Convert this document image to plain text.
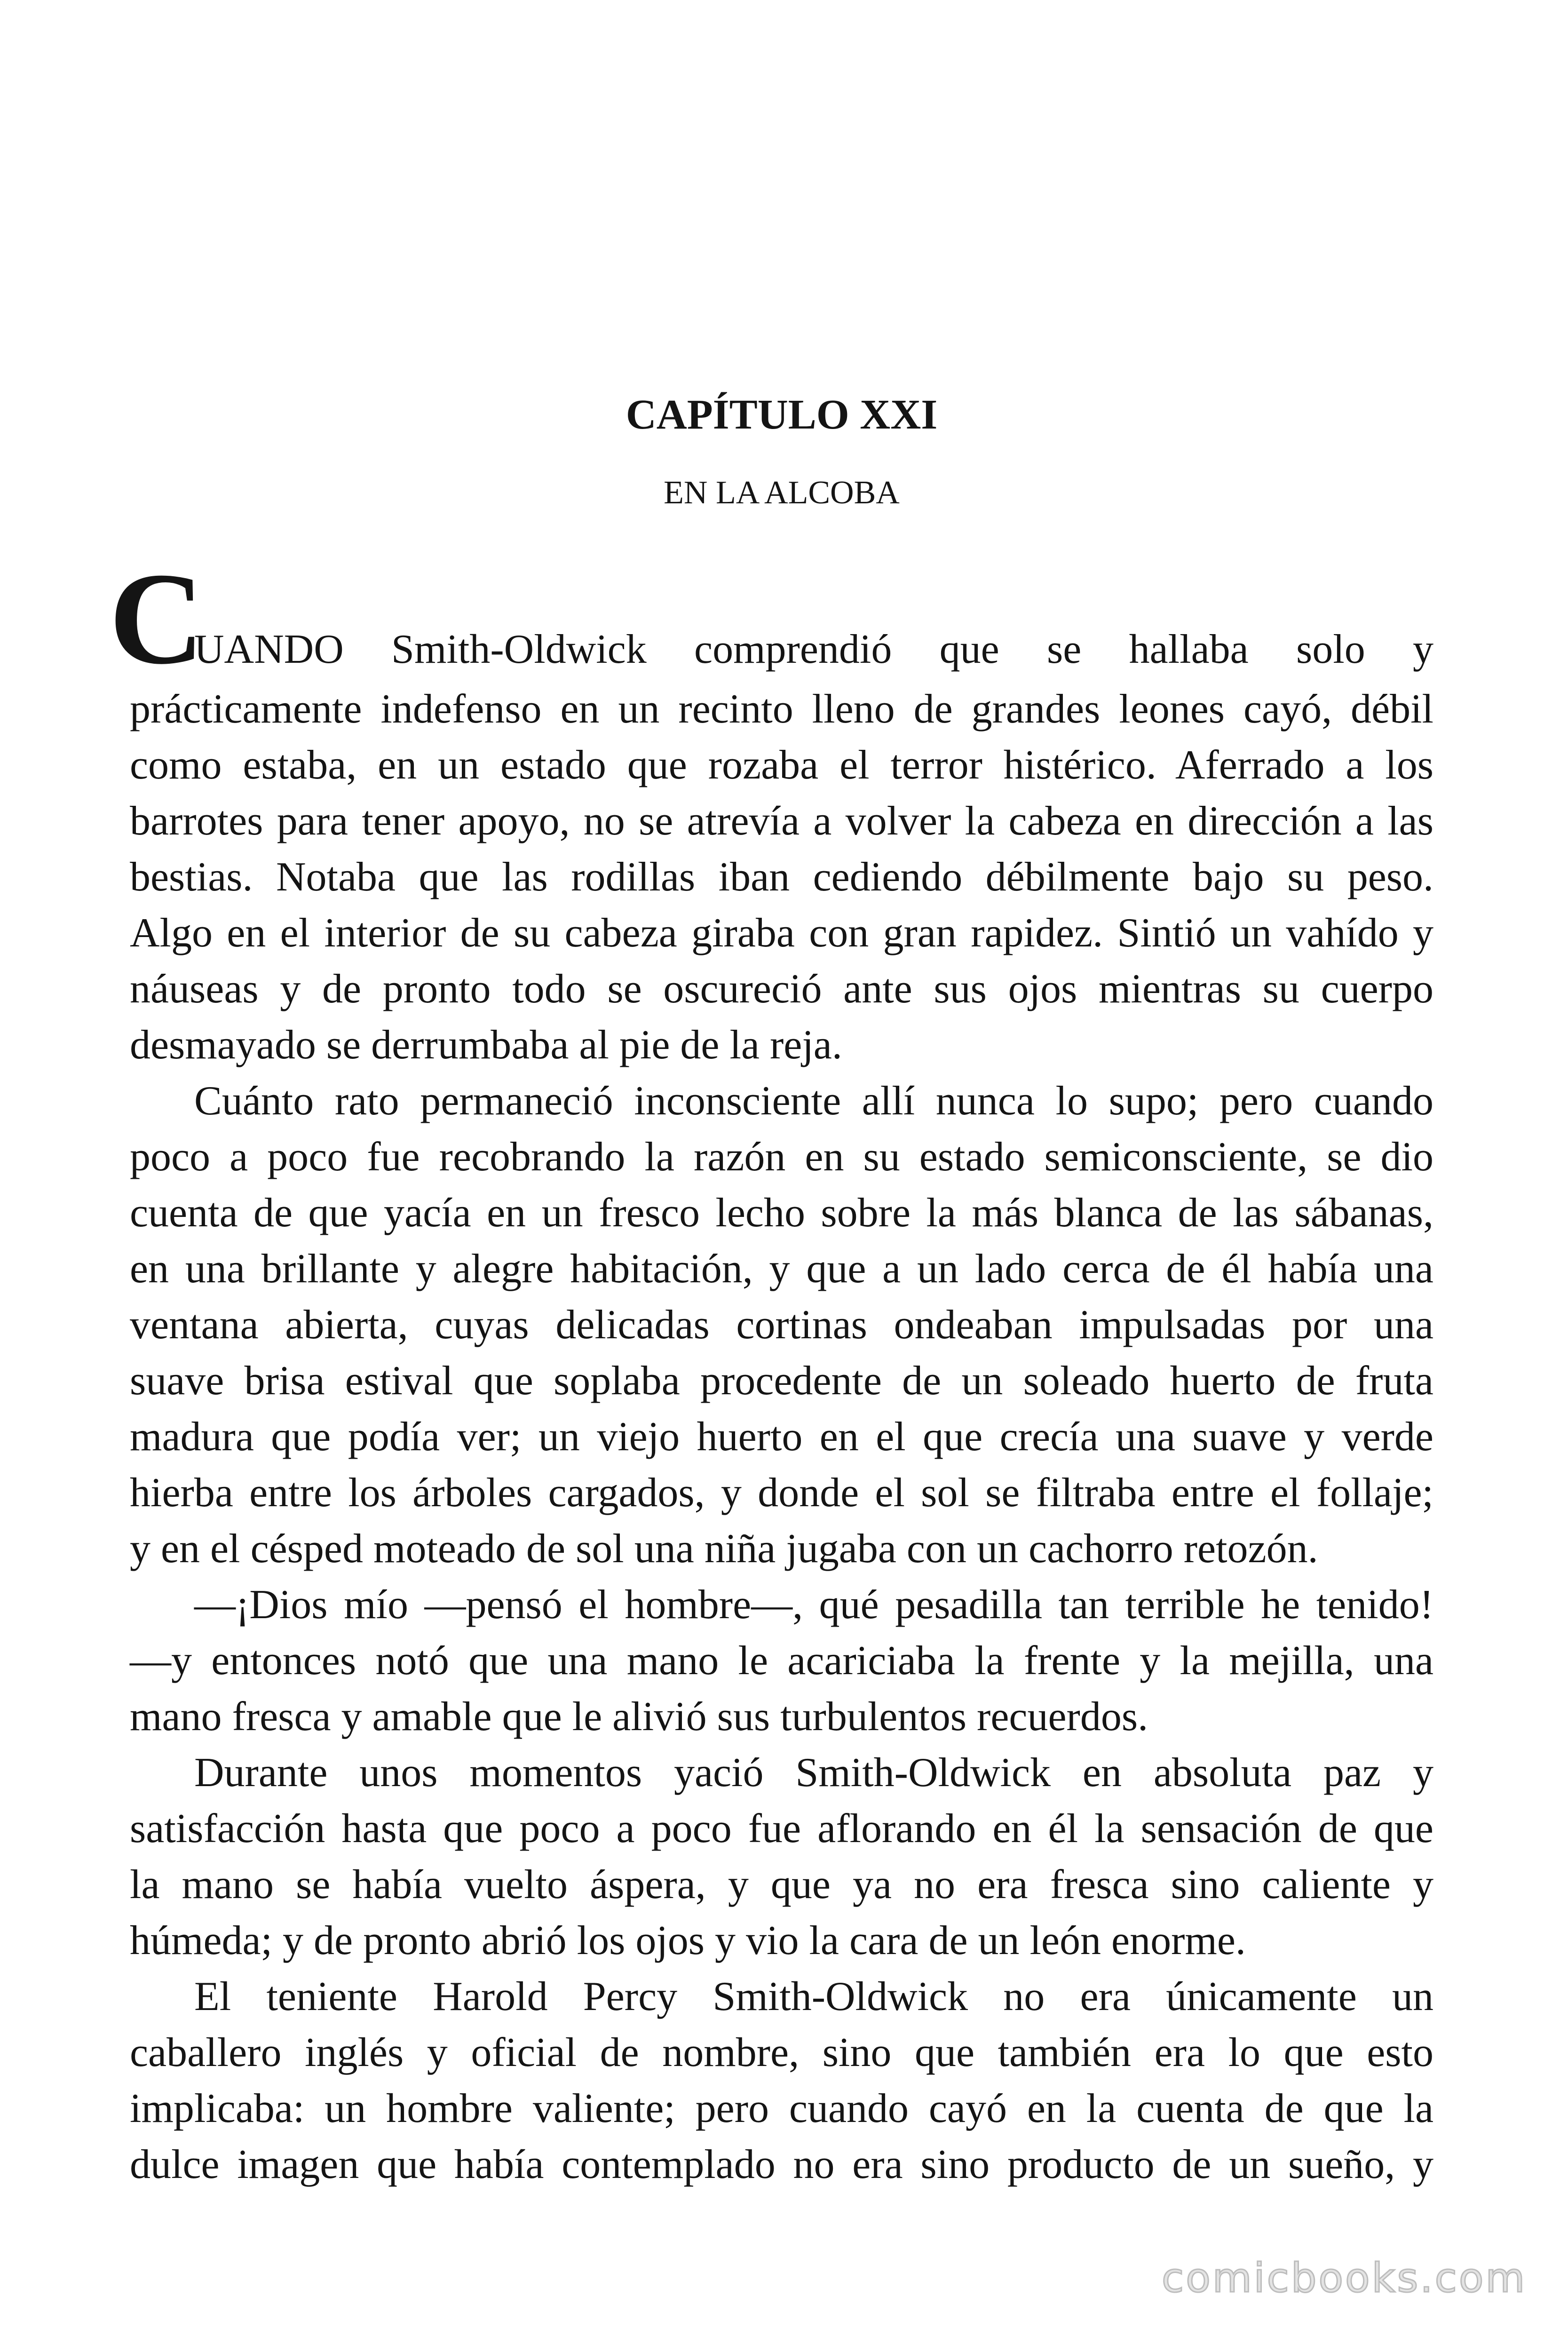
CAPÍTULO XXI
EN LA ALCOBA
C
UANDO Smith-Oldwick comprendió que se hallaba solo y
prácticamente indefenso en un recinto lleno de grandes leones cayó, débil
como estaba, en un estado que rozaba el terror histérico. Aferrado a los
barrotes para tener apoyo, no se atrevía a volver la cabeza en dirección a las
bestias. Notaba que las rodillas iban cediendo débilmente bajo su peso.
Algo en el interior de su cabeza giraba con gran rapidez. Sintió un vahído y
náuseas y de pronto todo se oscureció ante sus ojos mientras su cuerpo
desmayado se derrumbaba al pie de la reja.
Cuánto rato permaneció inconsciente allí nunca lo supo; pero cuando
poco a poco fue recobrando la razón en su estado semiconsciente, se dio
cuenta de que yacía en un fresco lecho sobre la más blanca de las sábanas,
en una brillante y alegre habitación, y que a un lado cerca de él había una
ventana abierta, cuyas delicadas cortinas ondeaban impulsadas por una
suave brisa estival que soplaba procedente de un soleado huerto de fruta
madura que podía ver; un viejo huerto en el que crecía una suave y verde
hierba entre los árboles cargados, y donde el sol se filtraba entre el follaje;
y en el césped moteado de sol una niña jugaba con un cachorro retozón.
—¡Dios mío —pensó el hombre—, qué pesadilla tan terrible he tenido!
—y entonces notó que una mano le acariciaba la frente y la mejilla, una
mano fresca y amable que le alivió sus turbulentos recuerdos.
Durante unos momentos yació Smith-Oldwick en absoluta paz y
satisfacción hasta que poco a poco fue aflorando en él la sensación de que
la mano se había vuelto áspera, y que ya no era fresca sino caliente y
húmeda; y de pronto abrió los ojos y vio la cara de un león enorme.
El teniente Harold Percy Smith-Oldwick no era únicamente un
caballero inglés y oficial de nombre, sino que también era lo que esto
implicaba: un hombre valiente; pero cuando cayó en la cuenta de que la
dulce imagen que había contemplado no era sino producto de un sueño, y
comicbooks.com
